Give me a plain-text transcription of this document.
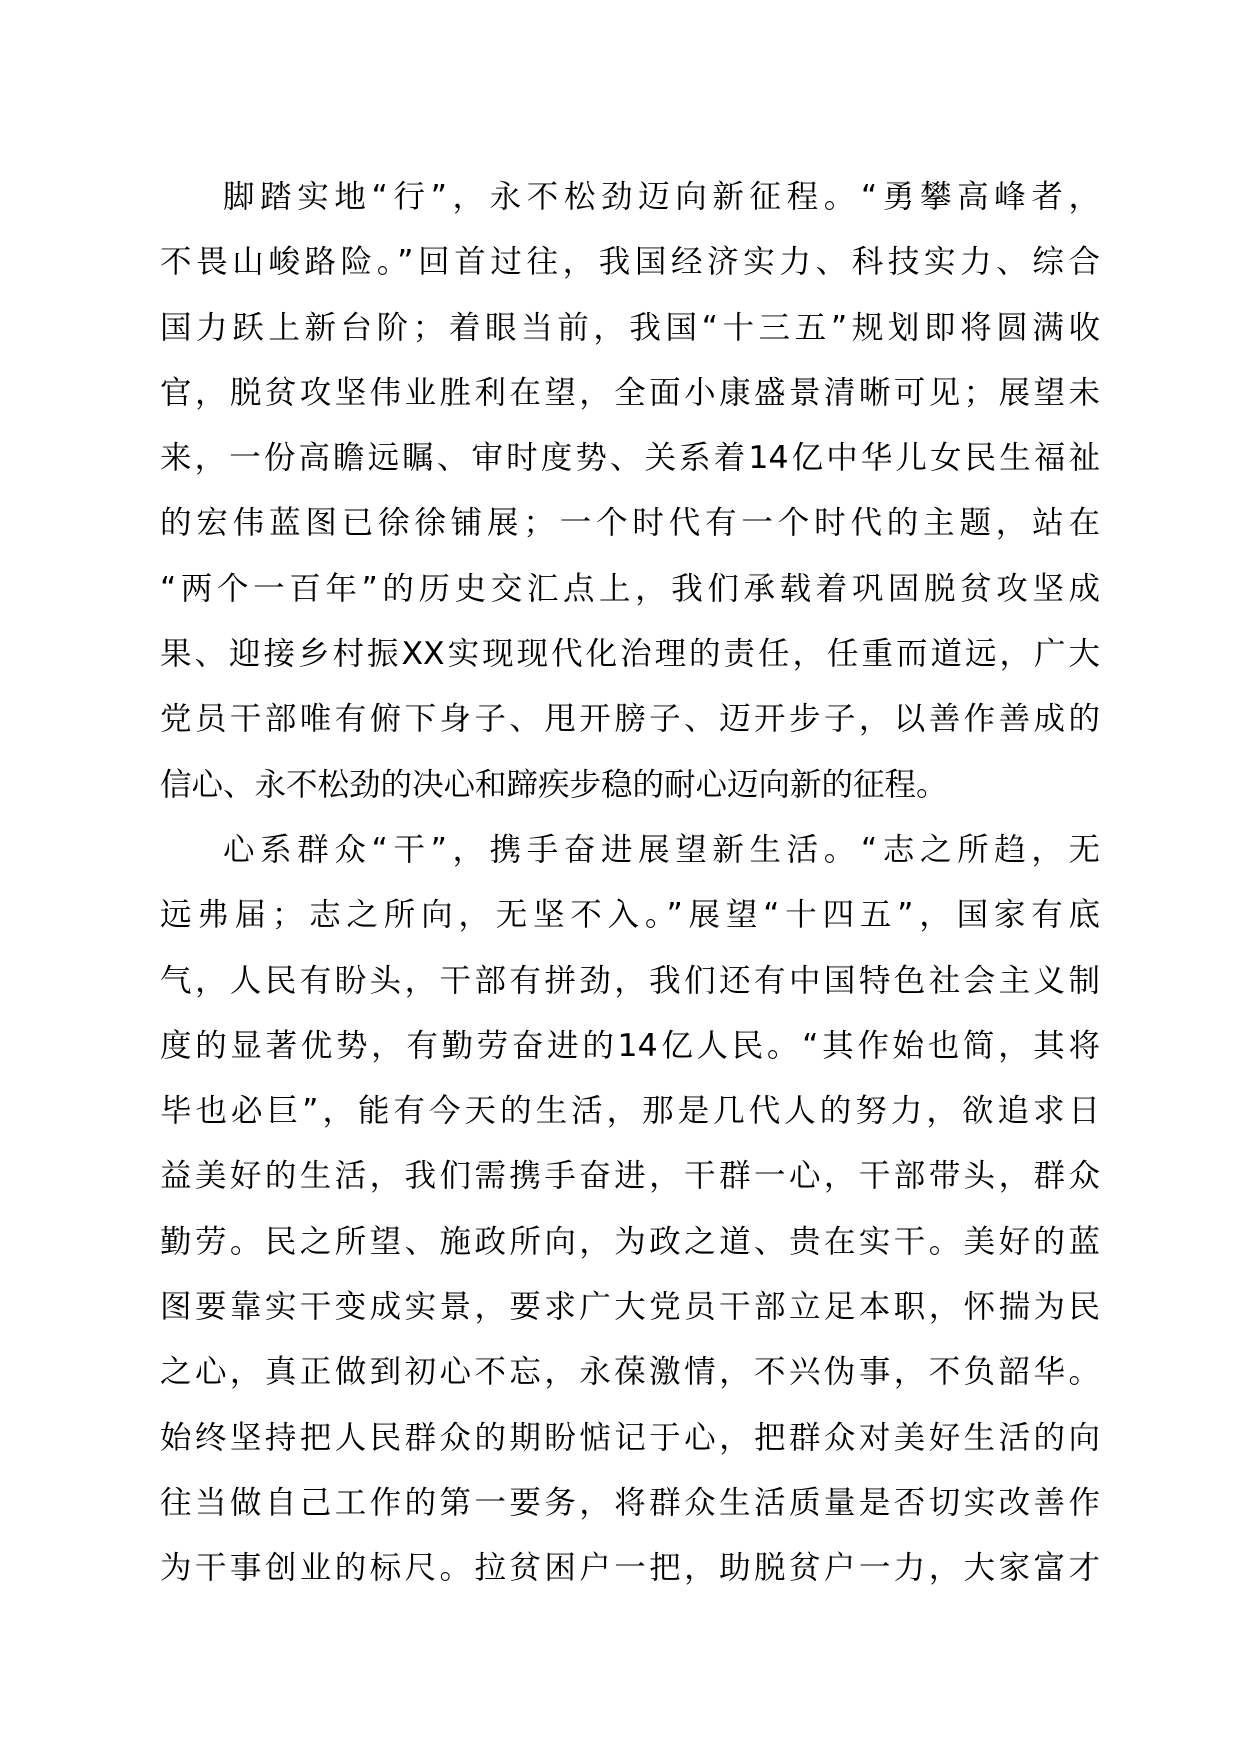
脚踏实地“行”，永不松劲迈向新征程。“勇攀高峰者，
不畏山峻路险。”回首过往，我国经济实力、科技实力、综合
国力跃上新台阶；着眼当前，我国“十三五”规划即将圆满收
官，脱贫攻坚伟业胜利在望，全面小康盛景清晰可见；展望未
来，一份高瞻远瞩、审时度势、关系着14亿中华儿女民生福祉
的宏伟蓝图已徐徐铺展；一个时代有一个时代的主题，站在
“两个一百年”的历史交汇点上，我们承载着巩固脱贫攻坚成
果、迎接乡村振XX实现现代化治理的责任，任重而道远，广大
党员干部唯有俯下身子、甩开膀子、迈开步子，以善作善成的
信心、永不松劲的决心和蹄疾步稳的耐心迈向新的征程。
心系群众“干”，携手奋进展望新生活。“志之所趋，无
远弗届；志之所向，无坚不入。”展望“十四五”，国家有底
气，人民有盼头，干部有拼劲，我们还有中国特色社会主义制
度的显著优势，有勤劳奋进的14亿人民。“其作始也简，其将
毕也必巨”，能有今天的生活，那是几代人的努力，欲追求日
益美好的生活，我们需携手奋进，干群一心，干部带头，群众
勤劳。民之所望、施政所向，为政之道、贵在实干。美好的蓝
图要靠实干变成实景，要求广大党员干部立足本职，怀揣为民
之心，真正做到初心不忘，永葆激情，不兴伪事，不负韶华。
始终坚持把人民群众的期盼惦记于心，把群众对美好生活的向
往当做自己工作的第一要务，将群众生活质量是否切实改善作
为干事创业的标尺。拉贫困户一把，助脱贫户一力，大家富才
